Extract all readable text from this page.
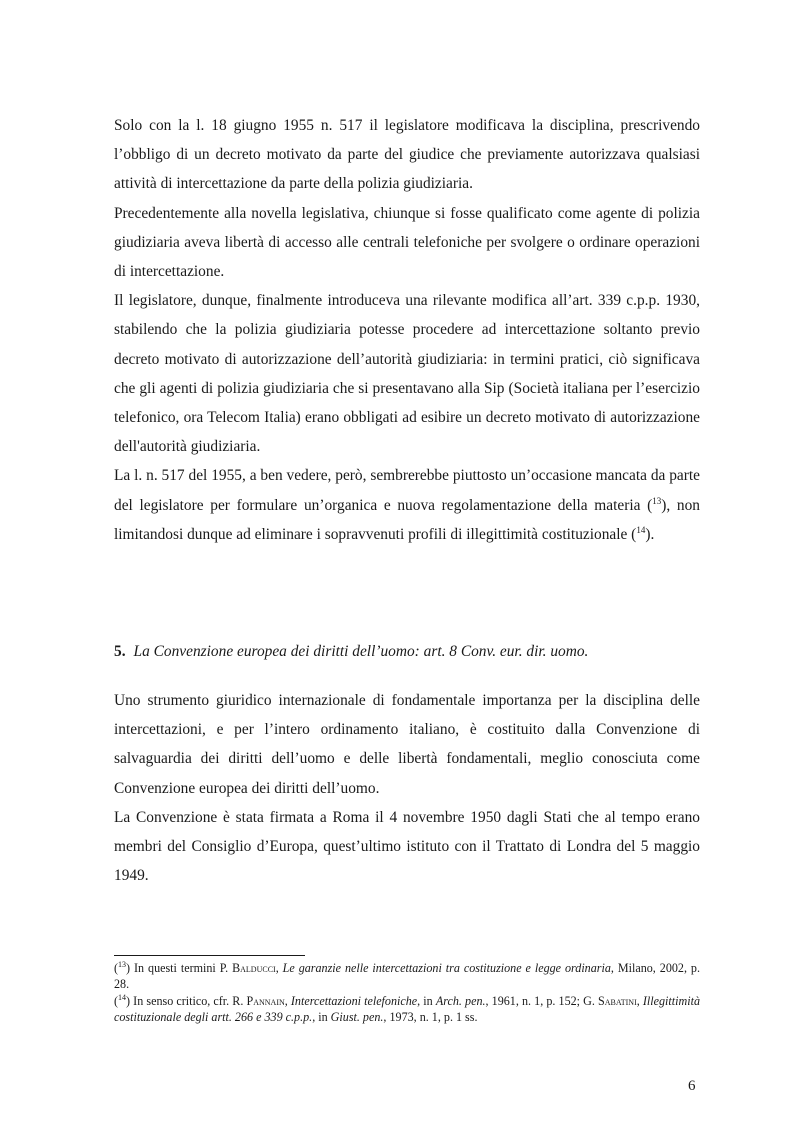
Solo con la l. 18 giugno 1955 n. 517 il legislatore modificava la disciplina, prescrivendo l’obbligo di un decreto motivato da parte del giudice che previamente autorizzava qualsiasi attività di intercettazione da parte della polizia giudiziaria.

Precedentemente alla novella legislativa, chiunque si fosse qualificato come agente di polizia giudiziaria aveva libertà di accesso alle centrali telefoniche per svolgere o ordinare operazioni di intercettazione.

Il legislatore, dunque, finalmente introduceva una rilevante modifica all’art. 339 c.p.p. 1930, stabilendo che la polizia giudiziaria potesse procedere ad intercettazione soltanto previo decreto motivato di autorizzazione dell’autorità giudiziaria: in termini pratici, ciò significava che gli agenti di polizia giudiziaria che si presentavano alla Sip (Società italiana per l’esercizio telefonico, ora Telecom Italia) erano obbligati ad esibire un decreto motivato di autorizzazione dell'autorità giudiziaria.

La l. n. 517 del 1955, a ben vedere, però, sembrerebbe piuttosto un’occasione mancata da parte del legislatore per formulare un’organica e nuova regolamentazione della materia ($^{13}$), non limitandosi dunque ad eliminare i sopravvenuti profili di illegittimità costituzionale ($^{14}$).

5. La Convenzione europea dei diritti dell’uomo: art. 8 Conv. eur. dir. uomo.

Uno strumento giuridico internazionale di fondamentale importanza per la disciplina delle intercettazioni, e per l’intero ordinamento italiano, è costituito dalla Convenzione di salvaguardia dei diritti dell’uomo e delle libertà fondamentali, meglio conosciuta come Convenzione europea dei diritti dell’uomo.

La Convenzione è stata firmata a Roma il 4 novembre 1950 dagli Stati che al tempo erano membri del Consiglio d’Europa, quest’ultimo istituto con il Trattato di Londra del 5 maggio 1949.

($^{13}$) In questi termini P. Balducci, Le garanzie nelle intercettazioni tra costituzione e legge ordinaria, Milano, 2002, p. 28.

($^{14}$) In senso critico, cfr. R. Pannain, Intercettazioni telefoniche, in Arch. pen., 1961, n. 1, p. 152; G. Sabatini, Illegittimità costituzionale degli artt. 266 e 339 c.p.p., in Giust. pen., 1973, n. 1, p. 1 ss.

6
